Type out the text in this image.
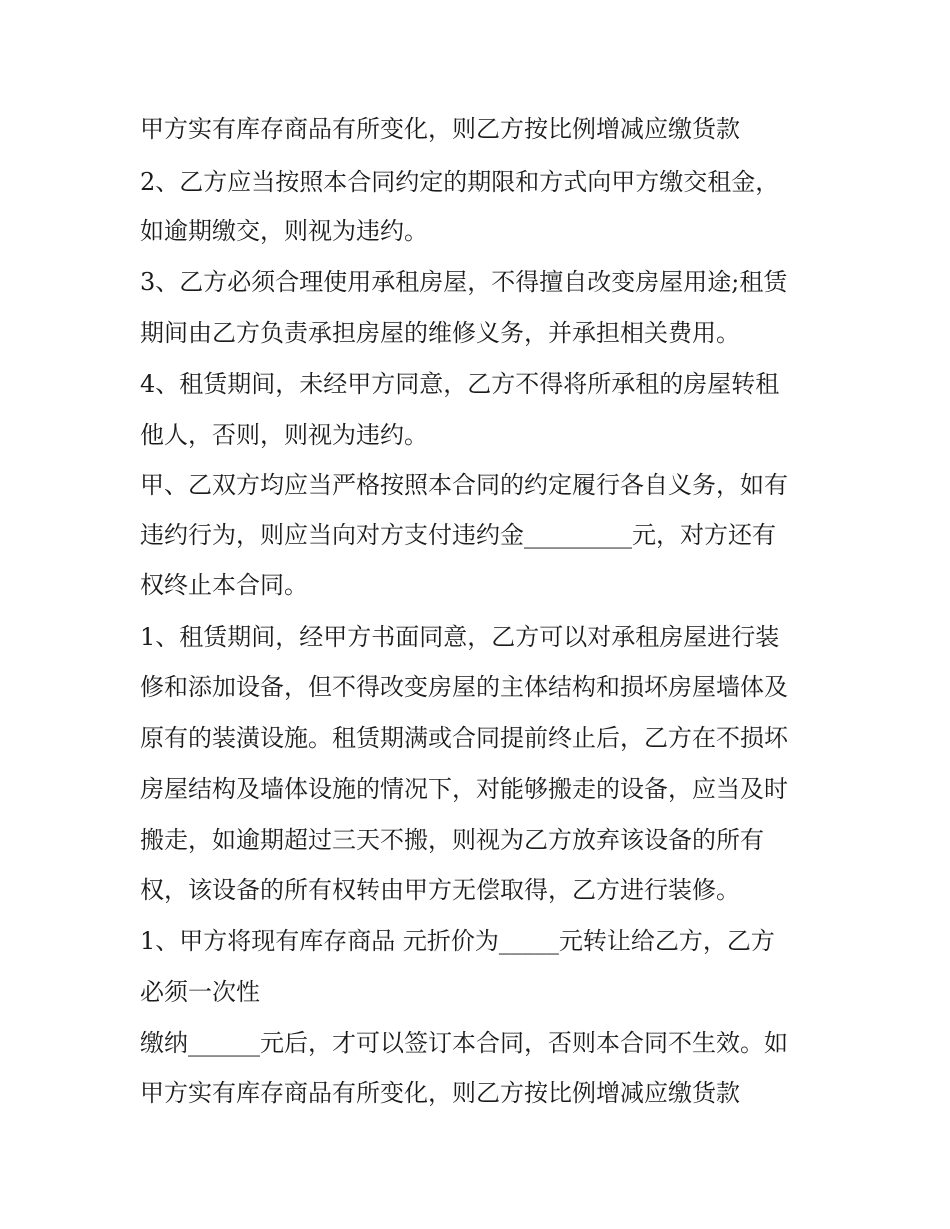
甲方实有库存商品有所变化，则乙方按比例增减应缴货款

2、乙方应当按照本合同约定的期限和方式向甲方缴交租金，

如逾期缴交，则视为违约。

3、乙方必须合理使用承租房屋，不得擅自改变房屋用途;租赁

期间由乙方负责承担房屋的维修义务，并承担相关费用。

4、租赁期间，未经甲方同意，乙方不得将所承租的房屋转租

他人，否则，则视为违约。

甲、乙双方均应当严格按照本合同的约定履行各自义务，如有

违约行为，则应当向对方支付违约金_________元，对方还有

权终止本合同。

1、租赁期间，经甲方书面同意，乙方可以对承租房屋进行装

修和添加设备，但不得改变房屋的主体结构和损坏房屋墙体及

原有的装潢设施。租赁期满或合同提前终止后，乙方在不损坏

房屋结构及墙体设施的情况下，对能够搬走的设备，应当及时

搬走，如逾期超过三天不搬，则视为乙方放弃该设备的所有

权，该设备的所有权转由甲方无偿取得，乙方进行装修。

1、甲方将现有库存商品 元折价为_____元转让给乙方，乙方

必须一次性

缴纳______元后，才可以签订本合同，否则本合同不生效。如

甲方实有库存商品有所变化，则乙方按比例增减应缴货款
